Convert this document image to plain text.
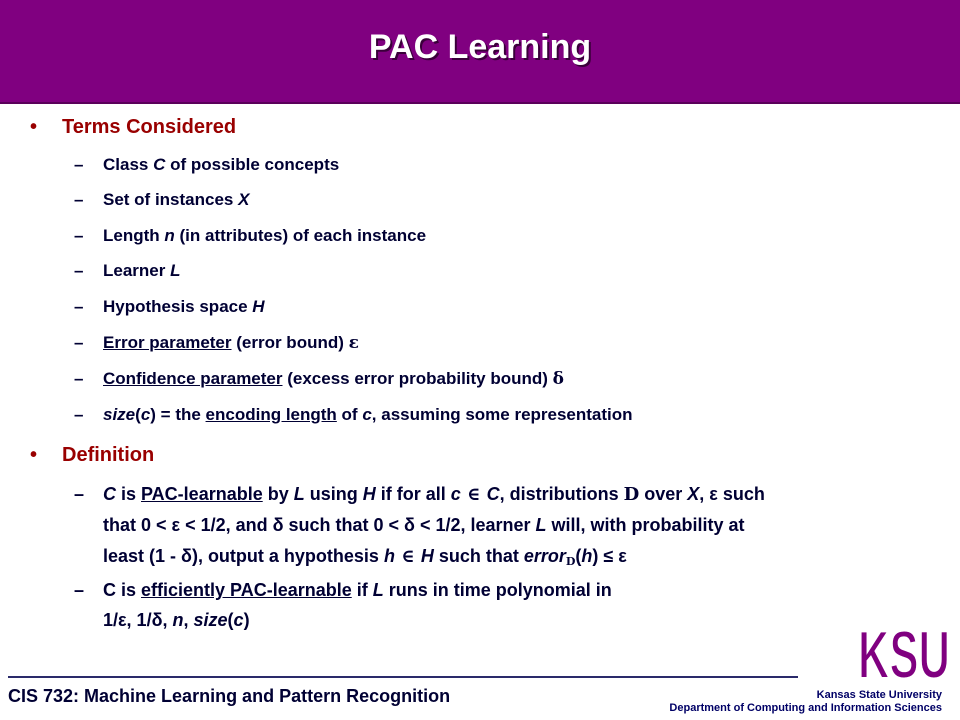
PAC Learning
• Terms Considered
– Class C of possible concepts
– Set of instances X
– Length n (in attributes) of each instance
– Learner L
– Hypothesis space H
– Error parameter (error bound) ε
– Confidence parameter (excess error probability bound) δ
– size(c) = the encoding length of c, assuming some representation
• Definition
– C is PAC-learnable by L using H if for all c ∈ C, distributions D over X, ε such
that 0 < ε < 1/2, and δ such that 0 < δ < 1/2, learner L will, with probability at
least (1 - δ), output a hypothesis h ∈ H such that error$_D$(h) ≤ ε
– C is efficiently PAC-learnable if L runs in time polynomial in
1/ε, 1/δ, n, size(c)
CIS 732: Machine Learning and Pattern Recognition
KSU
Kansas State University
Department of Computing and Information Sciences
